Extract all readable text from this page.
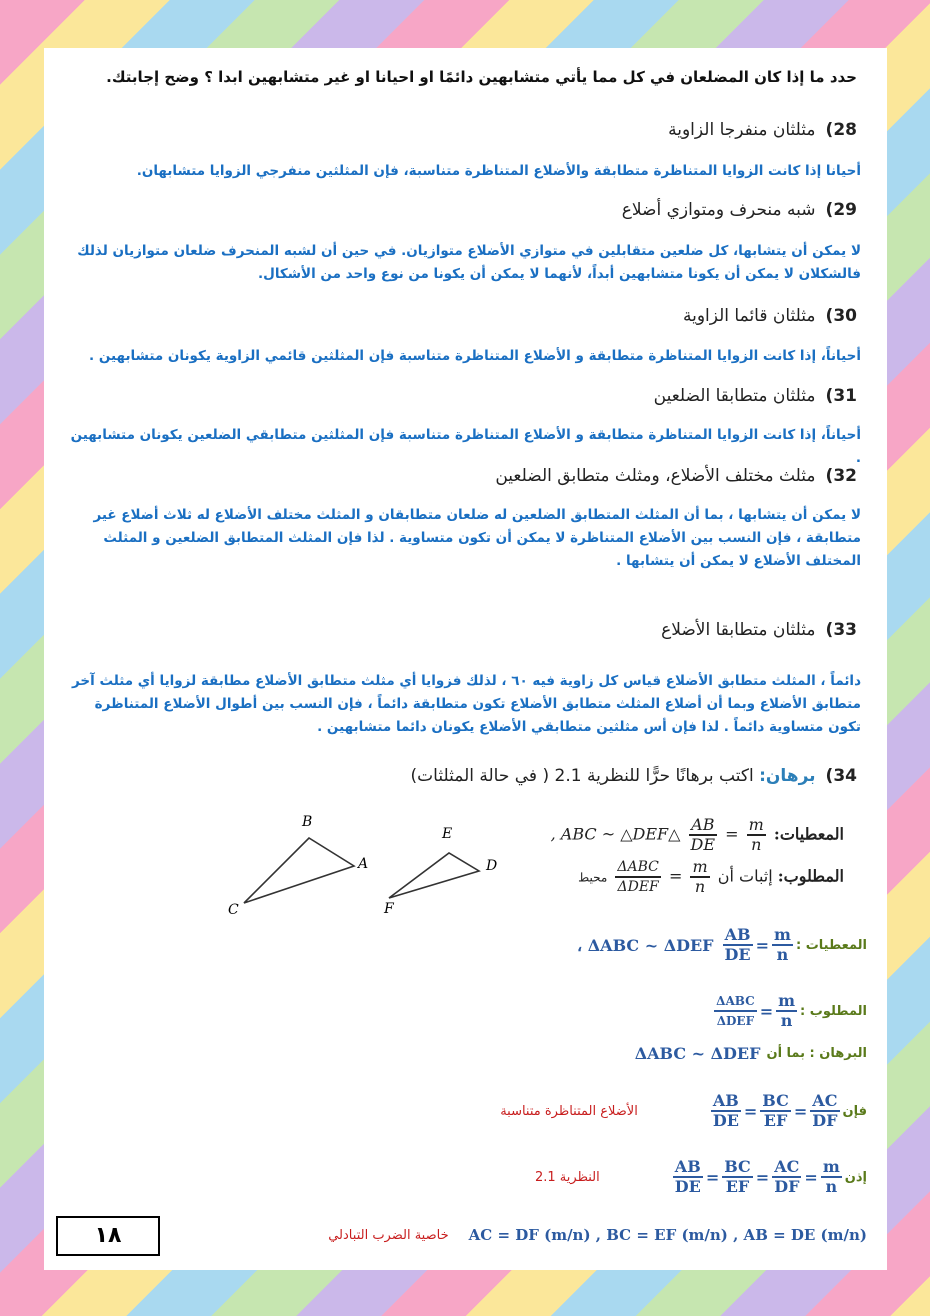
حدد ما إذا كان المضلعان في كل مما يأتي متشابهين دائمًا او احيانا او غير متشابهين ابدا ؟ وضح إجابتك.
28)مثلثان منفرجا الزاوية
أحيانا إذا كانت الزوايا المتناظرة متطابقة والأضلاع المتناظرة متناسبة، فإن المثلثين منفرجي الزوايا متشابهان.
29)شبه منحرف ومتوازي أضلاع
لا يمكن أن يتشابها، كل ضلعين متقابلين في متوازي الأضلاع متوازيان. في حين أن لشبه المنحرف ضلعان متوازيان لذلك فالشكلان لا يمكن أن يكونا متشابهين أبداً، لأنهما لا يمكن أن يكونا من نوع واحد من الأشكال.
30)مثلثان قائما الزاوية
أحياناً، إذا كانت الزوايا المتناظرة متطابقة و الأضلاع المتناظرة متناسبة فإن المثلثين قائمي الزاوية يكونان متشابهين .
31)مثلثان متطابقا الضلعين
أحياناً، إذا كانت الزوايا المتناظرة متطابقة و الأضلاع المتناظرة متناسبة فإن المثلثين متطابقي الضلعين يكونان متشابهين .
32)مثلث مختلف الأضلاع، ومثلث متطابق الضلعين
لا يمكن أن يتشابها ، بما أن المثلث المتطابق الضلعين له ضلعان متطابقان و المثلث مختلف الأضلاع له ثلاث أضلاع غير متطابقة ، فإن النسب بين الأضلاع المتناظرة لا يمكن أن تكون متساوية . لذا فإن المثلث المتطابق الضلعين و المثلث المختلف الأضلاع لا يمكن أن يتشابها .
33)مثلثان متطابقا الأضلاع
دائماً ، المثلث متطابق الأضلاع قياس كل زاوية فيه ٦٠ ، لذلك فزوايا أي مثلث متطابق الأضلاع مطابقة لزوايا أي مثلث آخر متطابق الأضلاع وبما أن أضلاع المثلث متطابق الأضلاع تكون متطابقة دائماً ، فإن النسب بين أطوال الأضلاع المتناظرة تكون متساوية دائماً . لذا فإن أس مثلثين متطابقي الأضلاع يكونان دائما متشابهين .
34)برهان: اكتب برهانًا حرًّا للنظرية 2.1 ( في حالة المثلثات)
B
A
C
E
D
F
المعطيات:
$\frac{m}{n}$
=
$\frac{AB}{DE}$
△ABC ~ △DEF ,
المطلوب: إثبات أن
$\frac{m}{n}$
=
$\frac{\text{ΔABC}}{\text{ΔDEF}}$
محيط
المعطيات :
$\frac{m}{n}$
=
$\frac{AB}{DE}$
ΔABC ~ ΔDEF ،
المطلوب :
$\frac{m}{n}$
=
$\frac{\text{ΔABC}}{\text{ΔDEF}}$
البرهان : بما أن
ΔABC ~ ΔDEF
فإن
$\frac{AC}{DF}$
=
$\frac{BC}{EF}$
=
$\frac{AB}{DE}$
الأضلاع المتناظرة متناسبة
إذن
$\frac{m}{n}$
=
$\frac{AC}{DF}$
=
$\frac{BC}{EF}$
=
$\frac{AB}{DE}$
النظرية 2.1
AC = DF (m/n) , BC = EF (m/n) , AB = DE (m/n)
خاصية الضرب التبادلي
١٨
